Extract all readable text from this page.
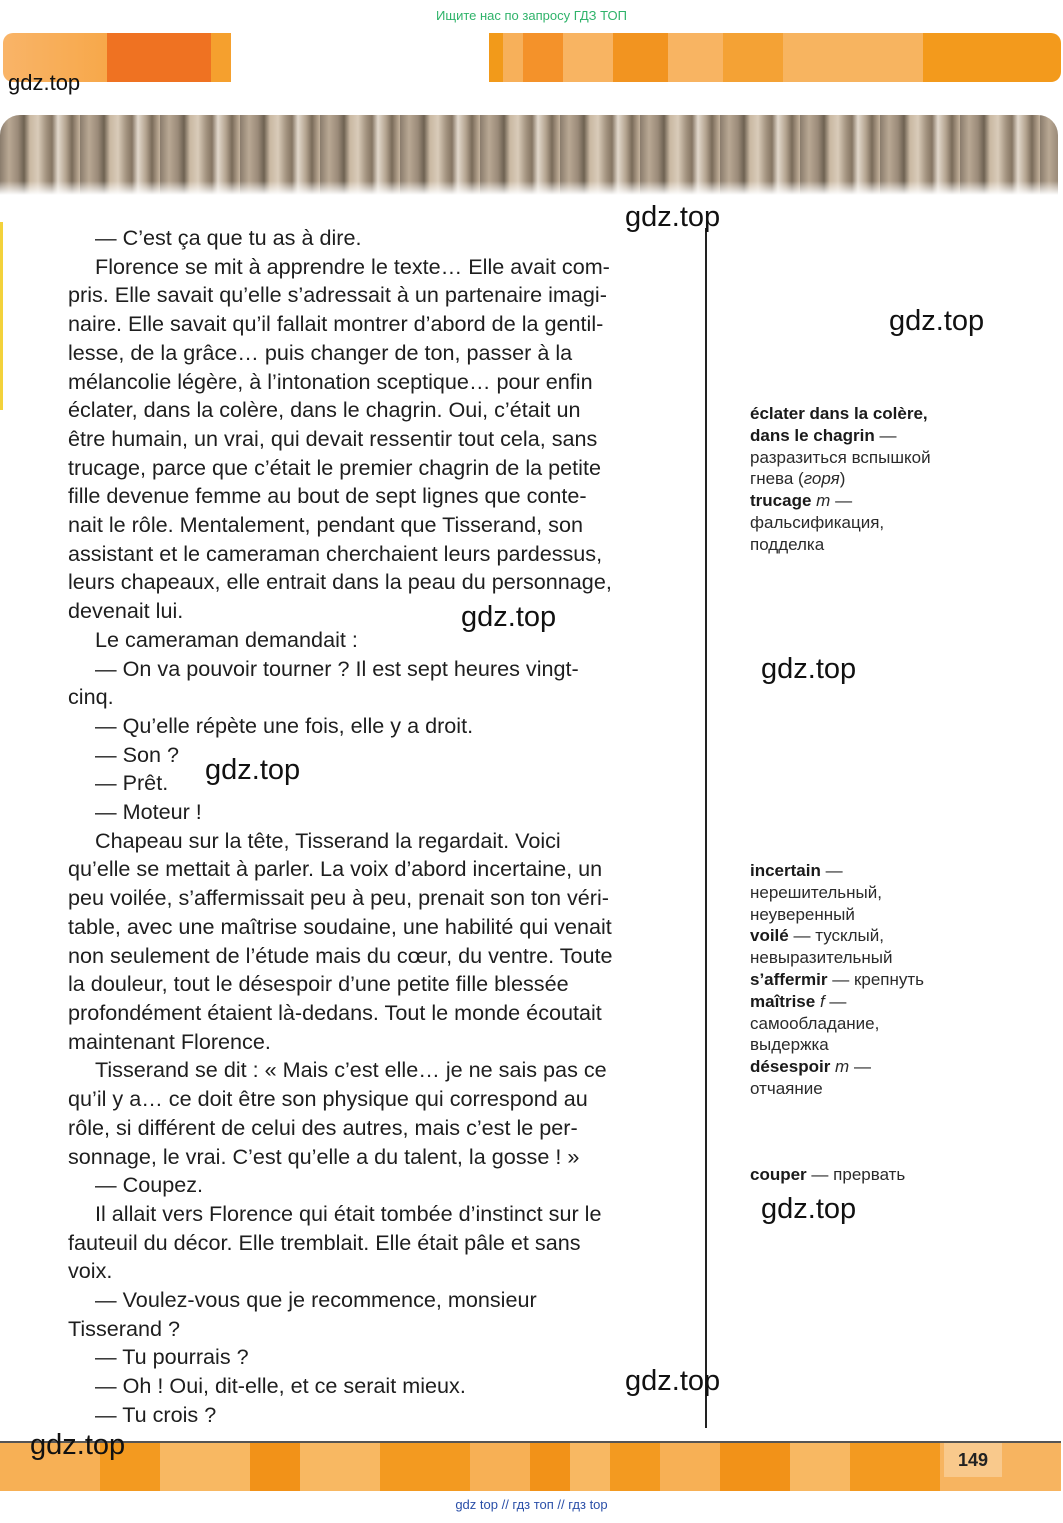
Ищите нас по запросу ГДЗ ТОП
gdz.top
— C’est ça que tu as à dire.
Florence se mit à apprendre le texte… Elle avait com-
pris. Elle savait qu’elle s’adressait à un partenaire imagi-
naire. Elle savait qu’il fallait montrer d’abord de la gentil-
lesse, de la grâce… puis changer de ton, passer à la
mélancolie légère, à l’intonation sceptique… pour enfin
éclater, dans la colère, dans le chagrin. Oui, c’était un
être humain, un vrai, qui devait ressentir tout cela, sans
trucage, parce que c’était le premier chagrin de la petite
fille devenue femme au bout de sept lignes que conte-
nait le rôle. Mentalement, pendant que Tisserand, son
assistant et le cameraman cherchaient leurs pardessus,
leurs chapeaux, elle entrait dans la peau du personnage,
devenait lui.
Le cameraman demandait :
— On va pouvoir tourner ? Il est sept heures vingt-
cinq.
— Qu’elle répète une fois, elle y a droit.
— Son ?
— Prêt.
— Moteur !
Chapeau sur la tête, Tisserand la regardait. Voici
qu’elle se mettait à parler. La voix d’abord incertaine, un
peu voilée, s’affermissait peu à peu, prenait son ton véri-
table, avec une maîtrise soudaine, une habilité qui venait
non seulement de l’étude mais du cœur, du ventre. Toute
la douleur, tout le désespoir d’une petite fille blessée
profondément étaient là-dedans. Tout le monde écoutait
maintenant Florence.
Tisserand se dit : « Mais c’est elle… je ne sais pas ce
qu’il y a… ce doit être son physique qui correspond au
rôle, si différent de celui des autres, mais c’est le per-
sonnage, le vrai. C’est qu’elle a du talent, la gosse ! »
— Coupez.
Il allait vers Florence qui était tombée d’instinct sur le
fauteuil du décor. Elle tremblait. Elle était pâle et sans
voix.
— Voulez-vous que je recommence, monsieur
Tisserand ?
— Tu pourrais ?
— Oh ! Oui, dit-elle, et ce serait mieux.
— Tu crois ?
éclater dans la colère,
dans le chagrin —
разразиться вспышкой
гнева (горя)
trucage m —
фальсификация,
подделка
incertain —
нерешительный,
неуверенный
voilé — тусклый,
невыразительный
s’affermir — крепнуть
maîtrise f —
самообладание,
выдержка
désespoir m —
отчаяние
couper — прервать
gdz.top
gdz.top
gdz.top
gdz.top
gdz.top
gdz.top
gdz.top
gdz.top	149
gdz top // гдз топ // гдз top
